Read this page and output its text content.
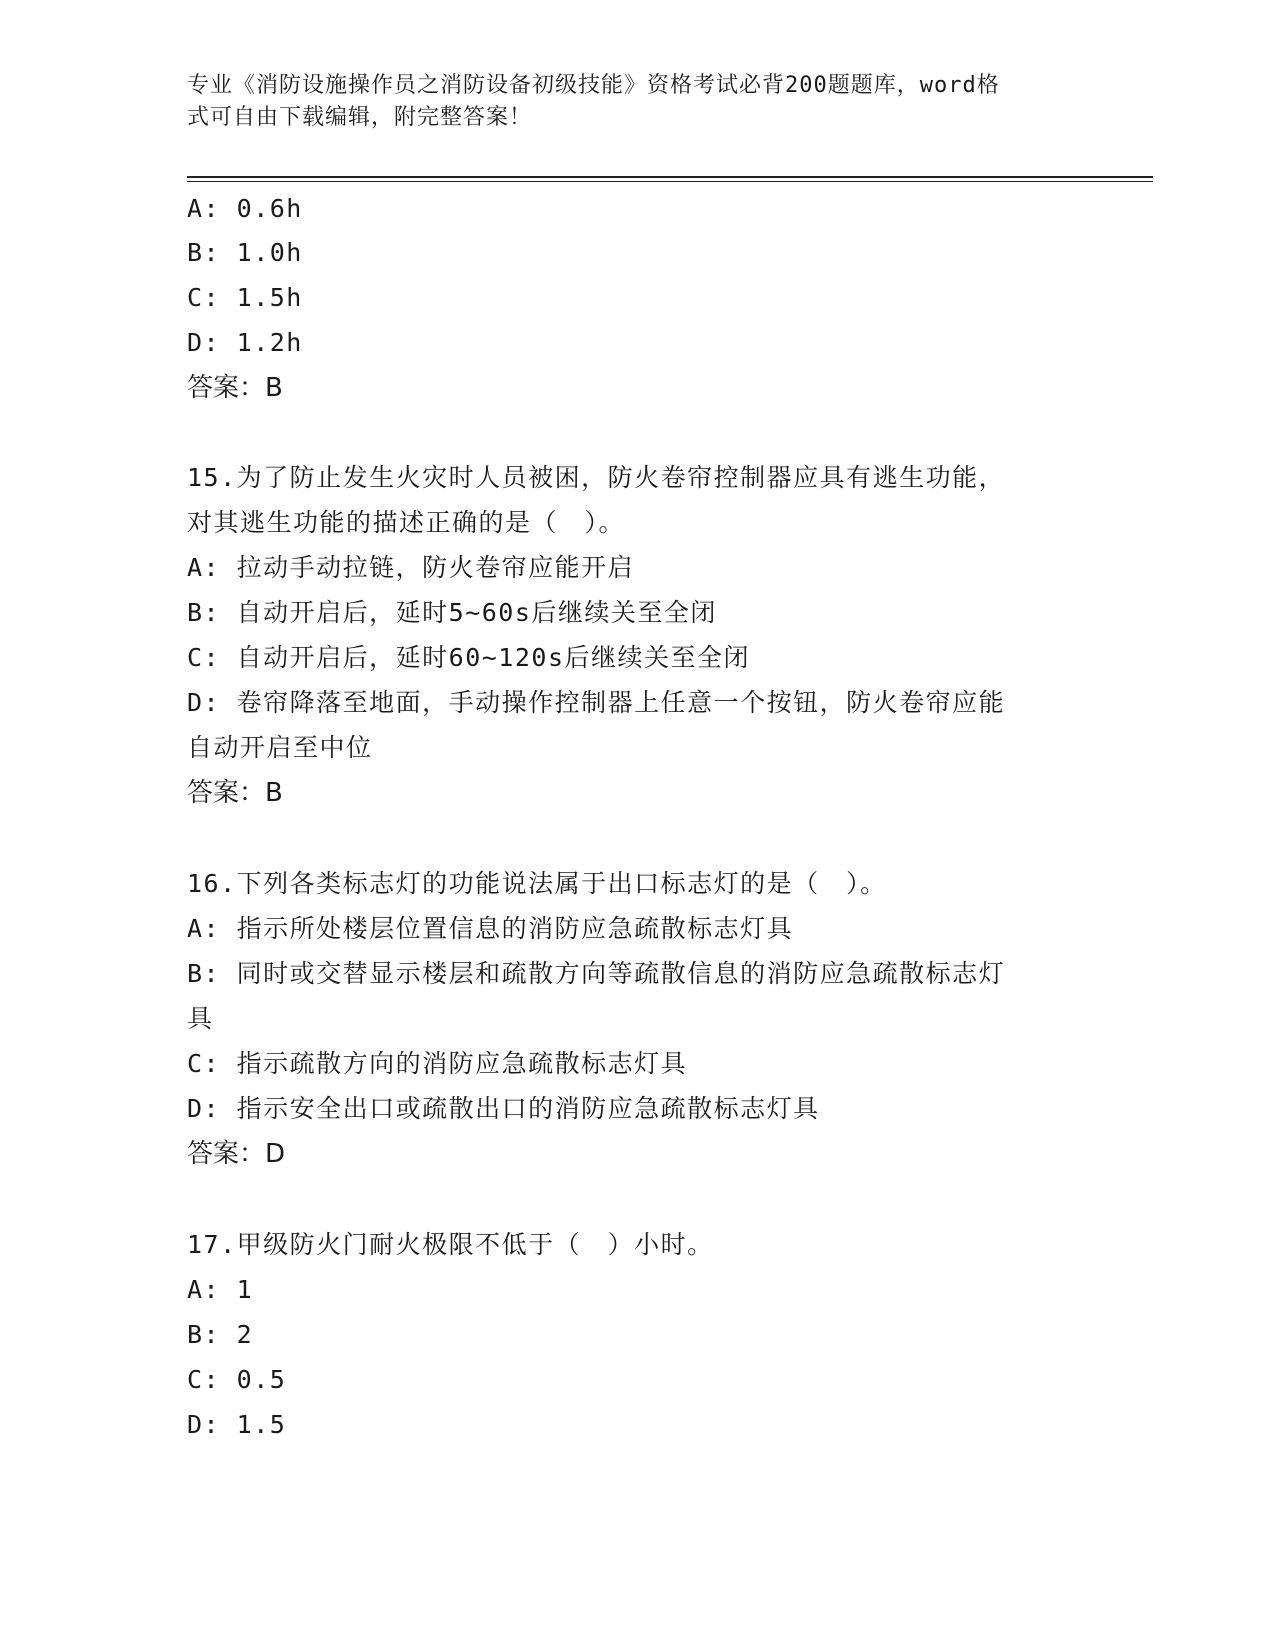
专业《消防设施操作员之消防设备初级技能》资格考试必背200题题库，word格
式可自由下载编辑，附完整答案！
A: 0.6h
B: 1.0h
C: 1.5h
D: 1.2h
答案：B
15.为了防止发生火灾时人员被困，防火卷帘控制器应具有逃生功能，
对其逃生功能的描述正确的是（　）。
A: 拉动手动拉链，防火卷帘应能开启
B: 自动开启后，延时5~60s后继续关至全闭
C: 自动开启后，延时60~120s后继续关至全闭
D: 卷帘降落至地面，手动操作控制器上任意一个按钮，防火卷帘应能
自动开启至中位
答案：B
16.下列各类标志灯的功能说法属于出口标志灯的是（　）。
A: 指示所处楼层位置信息的消防应急疏散标志灯具
B: 同时或交替显示楼层和疏散方向等疏散信息的消防应急疏散标志灯
具
C: 指示疏散方向的消防应急疏散标志灯具
D: 指示安全出口或疏散出口的消防应急疏散标志灯具
答案：D
17.甲级防火门耐火极限不低于（　）小时。
A: 1
B: 2
C: 0.5
D: 1.5
